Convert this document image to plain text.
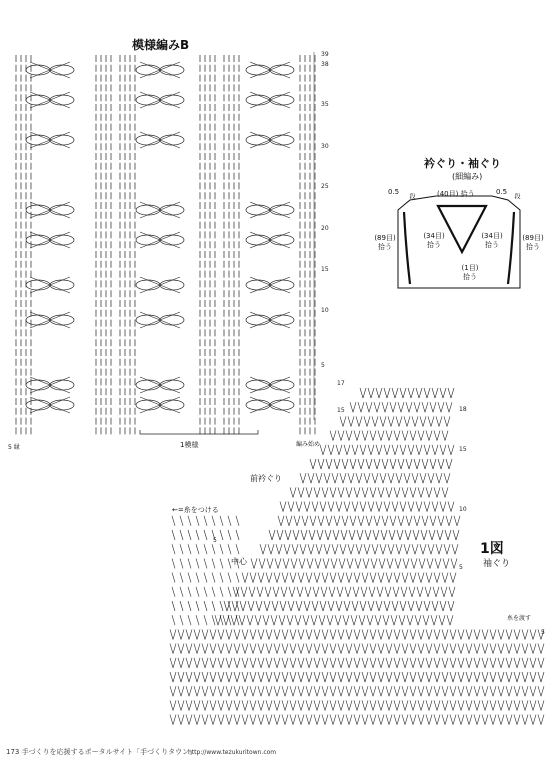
模様編みB
39
38
35
30
25
20
15
10
5
1模様	編み始め
5 縁
衿ぐり・袖ぐり
(細編み)
0.5 段	0.5 段
(40目) 拾う
(89目)
拾う
(34目)
拾う
(34目)
拾う
(89目)
拾う
(1目)
拾う
前衿ぐり
←=糸をつける
中心
1図
袖ぐり
糸を渡す
17
18
15
15
10
5
5
5
173 手づくりを応援するポータルサイト「手づくりタウン」
http://www.tezukuritown.com
